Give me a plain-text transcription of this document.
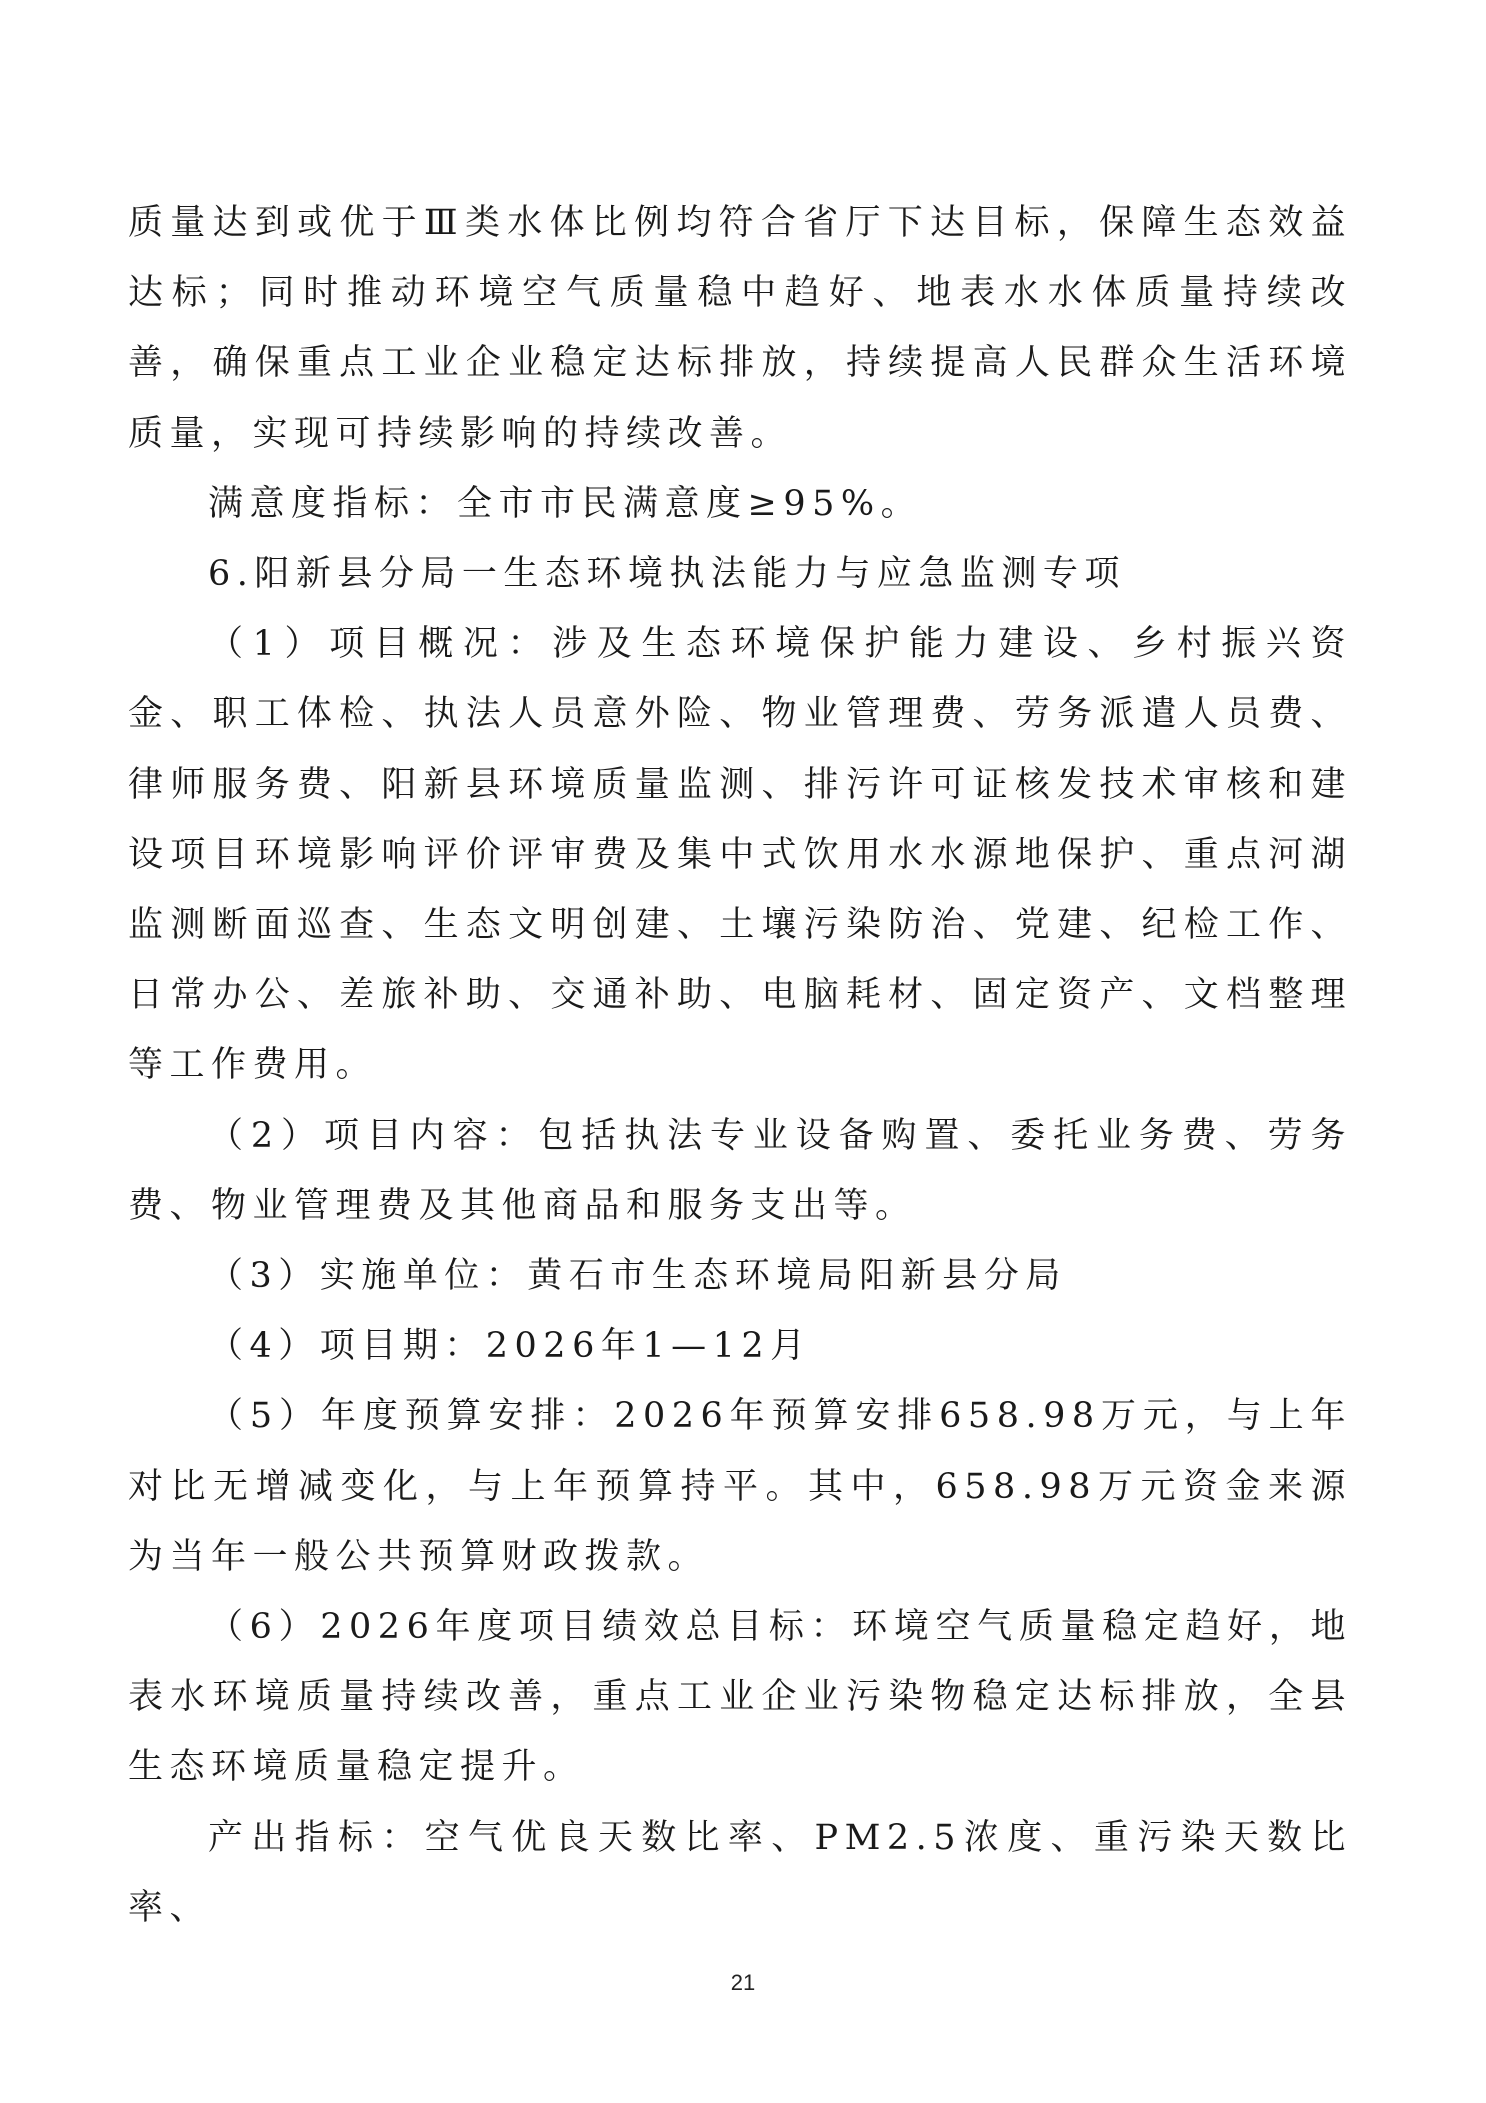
质量达到或优于Ⅲ类水体比例均符合省厅下达目标，保障生态效益达标；同时推动环境空气质量稳中趋好、地表水水体质量持续改善，确保重点工业企业稳定达标排放，持续提高人民群众生活环境质量，实现可持续影响的持续改善。

满意度指标：全市市民满意度≥95%。

6.阳新县分局一生态环境执法能力与应急监测专项

（1）项目概况：涉及生态环境保护能力建设、乡村振兴资金、职工体检、执法人员意外险、物业管理费、劳务派遣人员费、律师服务费、阳新县环境质量监测、排污许可证核发技术审核和建设项目环境影响评价评审费及集中式饮用水水源地保护、重点河湖监测断面巡查、生态文明创建、土壤污染防治、党建、纪检工作、日常办公、差旅补助、交通补助、电脑耗材、固定资产、文档整理等工作费用。

（2）项目内容：包括执法专业设备购置、委托业务费、劳务费、物业管理费及其他商品和服务支出等。

（3）实施单位：黄石市生态环境局阳新县分局

（4）项目期：2026年1—12月

（5）年度预算安排：2026年预算安排658.98万元，与上年对比无增减变化，与上年预算持平。其中，658.98万元资金来源为当年一般公共预算财政拨款。

（6）2026年度项目绩效总目标：环境空气质量稳定趋好，地表水环境质量持续改善，重点工业企业污染物稳定达标排放，全县生态环境质量稳定提升。

产出指标：空气优良天数比率、PM2.5浓度、重污染天数比率、

21
